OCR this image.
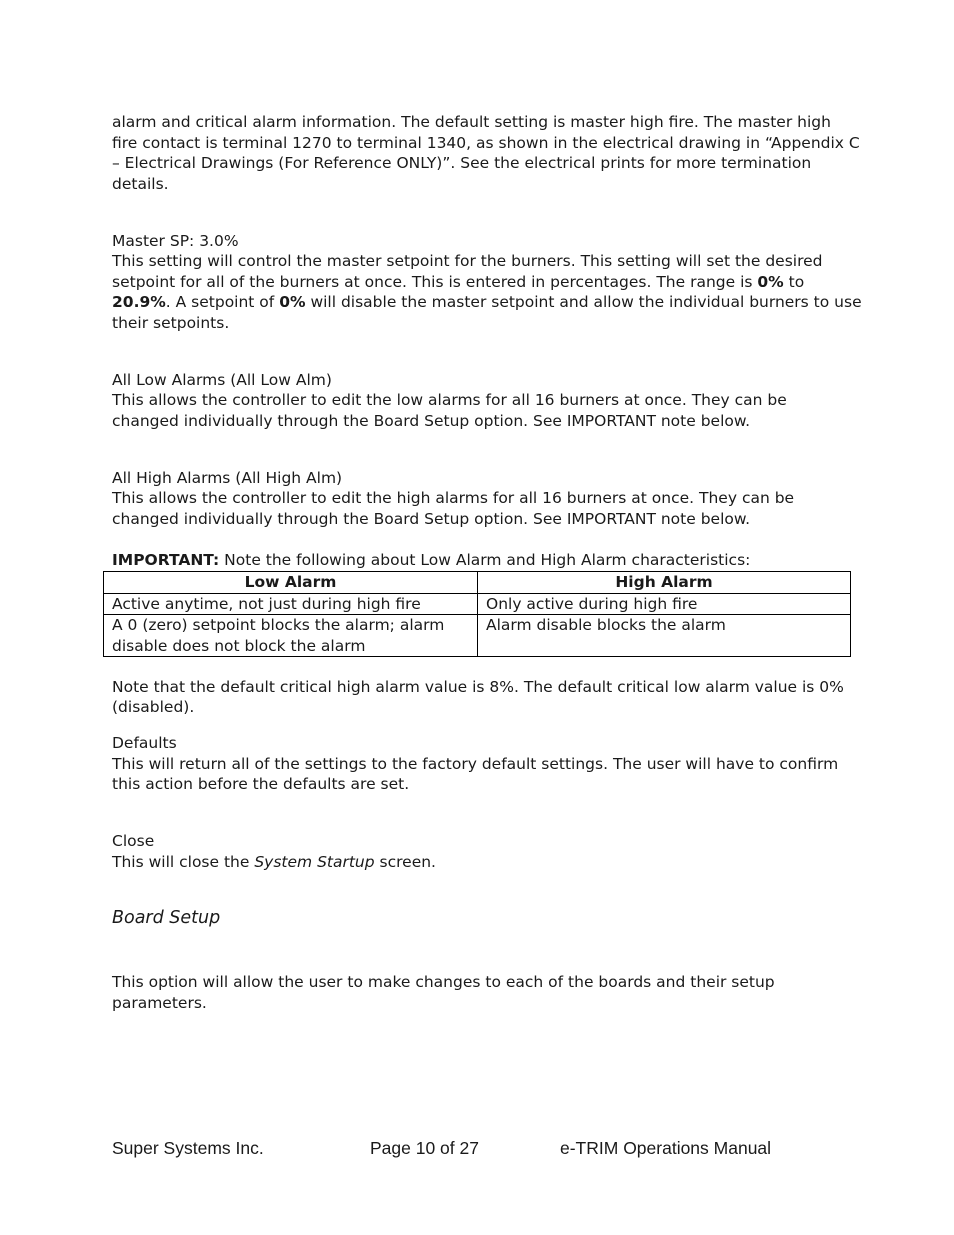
alarm and critical alarm information. The default setting is master high fire. The master high
fire contact is terminal 1270 to terminal 1340, as shown in the electrical drawing in “Appendix C
– Electrical Drawings (For Reference ONLY)”. See the electrical prints for more termination
details.
Master SP: 3.0%
This setting will control the master setpoint for the burners. This setting will set the desired
setpoint for all of the burners at once. This is entered in percentages. The range is 0% to
20.9%. A setpoint of 0% will disable the master setpoint and allow the individual burners to use
their setpoints.
All Low Alarms (All Low Alm)
This allows the controller to edit the low alarms for all 16 burners at once. They can be
changed individually through the Board Setup option. See IMPORTANT note below.
All High Alarms (All High Alm)
This allows the controller to edit the high alarms for all 16 burners at once. They can be
changed individually through the Board Setup option. See IMPORTANT note below.
IMPORTANT: Note the following about Low Alarm and High Alarm characteristics:
Low Alarm	High Alarm
Active anytime, not just during high fire	Only active during high fire
A 0 (zero) setpoint blocks the alarm; alarm disable does not block the alarm	Alarm disable blocks the alarm
Note that the default critical high alarm value is 8%. The default critical low alarm value is 0%
(disabled).
Defaults
This will return all of the settings to the factory default settings. The user will have to confirm
this action before the defaults are set.
Close
This will close the System Startup screen.
Board Setup
This option will allow the user to make changes to each of the boards and their setup
parameters.
Super Systems Inc.	Page 10 of 27	e-TRIM Operations Manual
